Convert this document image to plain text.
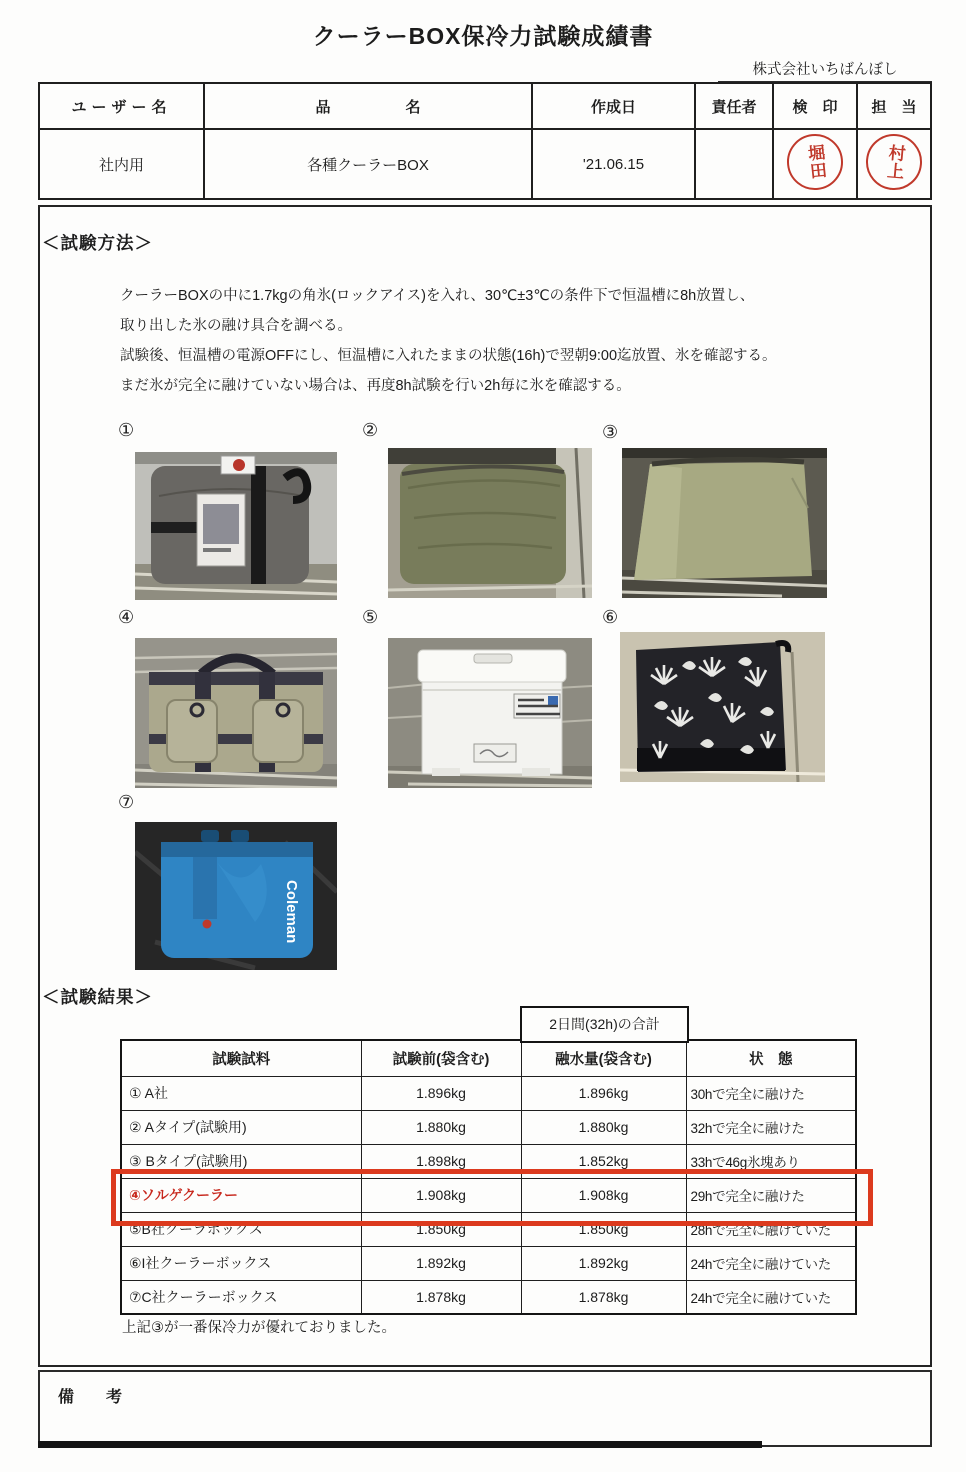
クーラーBOX保冷力試験成績書
株式会社いちばんぼし
ユーザー名	品　　　　　名	作成日	責任者	検　印	担　当
社内用	各種クーラーBOX	'21.06.15		堀田	村上
＜試験方法＞
クーラーBOXの中に1.7kgの角氷(ロックアイス)を入れ、30℃±3℃の条件下で恒温槽に8h放置し、
取り出した氷の融け具合を調べる。
試験後、恒温槽の電源OFFにし、恒温槽に入れたままの状態(16h)で翌朝9:00迄放置、氷を確認する。
まだ氷が完全に融けていない場合は、再度8h試験を行い2h毎に氷を確認する。
①	②	③
④	⑤	⑥
⑦
Coleman
＜試験結果＞
2日間(32h)の合計
試験試料	試験前(袋含む)	融水量(袋含む)	状　態
① A社	1.896kg	1.896kg	30hで完全に融けた
② Aタイプ(試験用)	1.880kg	1.880kg	32hで完全に融けた
③ Bタイプ(試験用)	1.898kg	1.852kg	33hで46g氷塊あり
④ソルゲクーラー	1.908kg	1.908kg	29hで完全に融けた
⑤B社クーラボックス	1.850kg	1.850kg	28hで完全に融けていた
⑥I社クーラーボックス	1.892kg	1.892kg	24hで完全に融けていた
⑦C社クーラーボックス	1.878kg	1.878kg	24hで完全に融けていた
上記③が一番保冷力が優れておりました。
備　考
